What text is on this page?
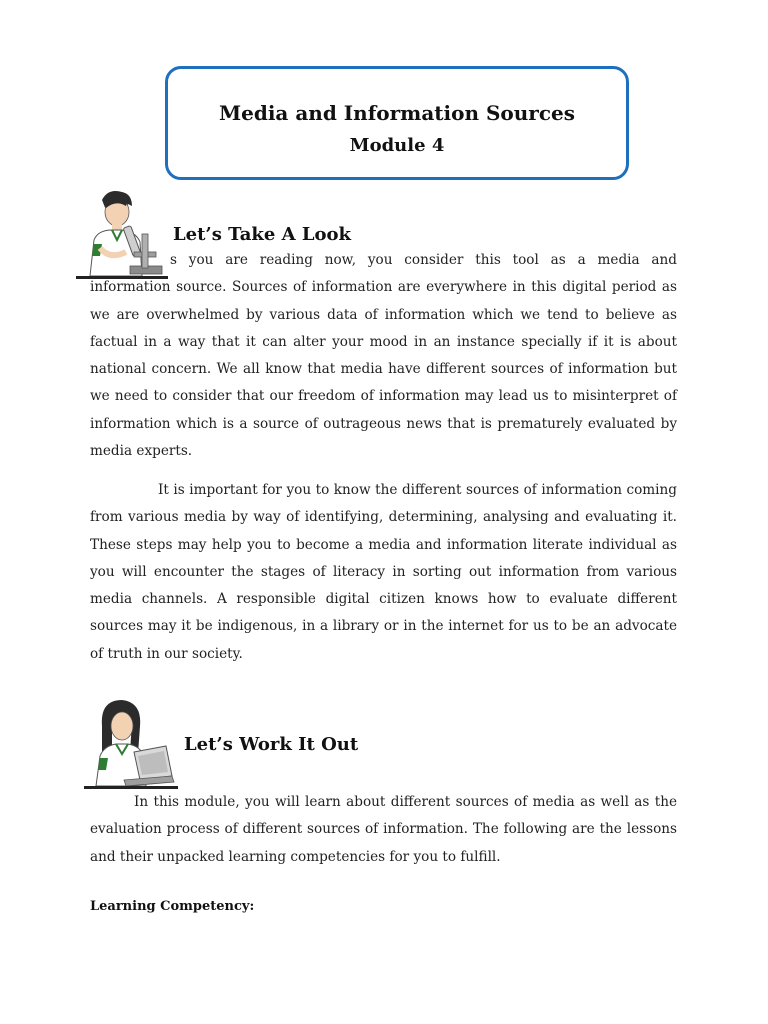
Media and Information Sources
Module 4
Let’s Take A Look
s you are reading now, you consider this tool as a media and

information source. Sources of information are everywhere in this digital period as we are overwhelmed by various data of information which we tend to believe as factual in a way that it can alter your mood in an instance specially if it is about national concern. We all know that media have different sources of information but we need to consider that our freedom of information may lead us to misinterpret of information which is a source of outrageous news that is prematurely evaluated by media experts.

It is important for you to know the different sources of information coming from various media by way of identifying, determining, analysing and evaluating it. These steps may help you to become a media and information literate individual as you will encounter the stages of literacy in sorting out information from various media channels. A responsible digital citizen knows how to evaluate different sources may it be indigenous, in a library or in the internet for us to be an advocate of truth in our society.

Let’s Work It Out

In this module, you will learn about different sources of media as well as the evaluation process of different sources of information. The following are the lessons and their unpacked learning competencies for you to fulfill.

Learning Competency:
